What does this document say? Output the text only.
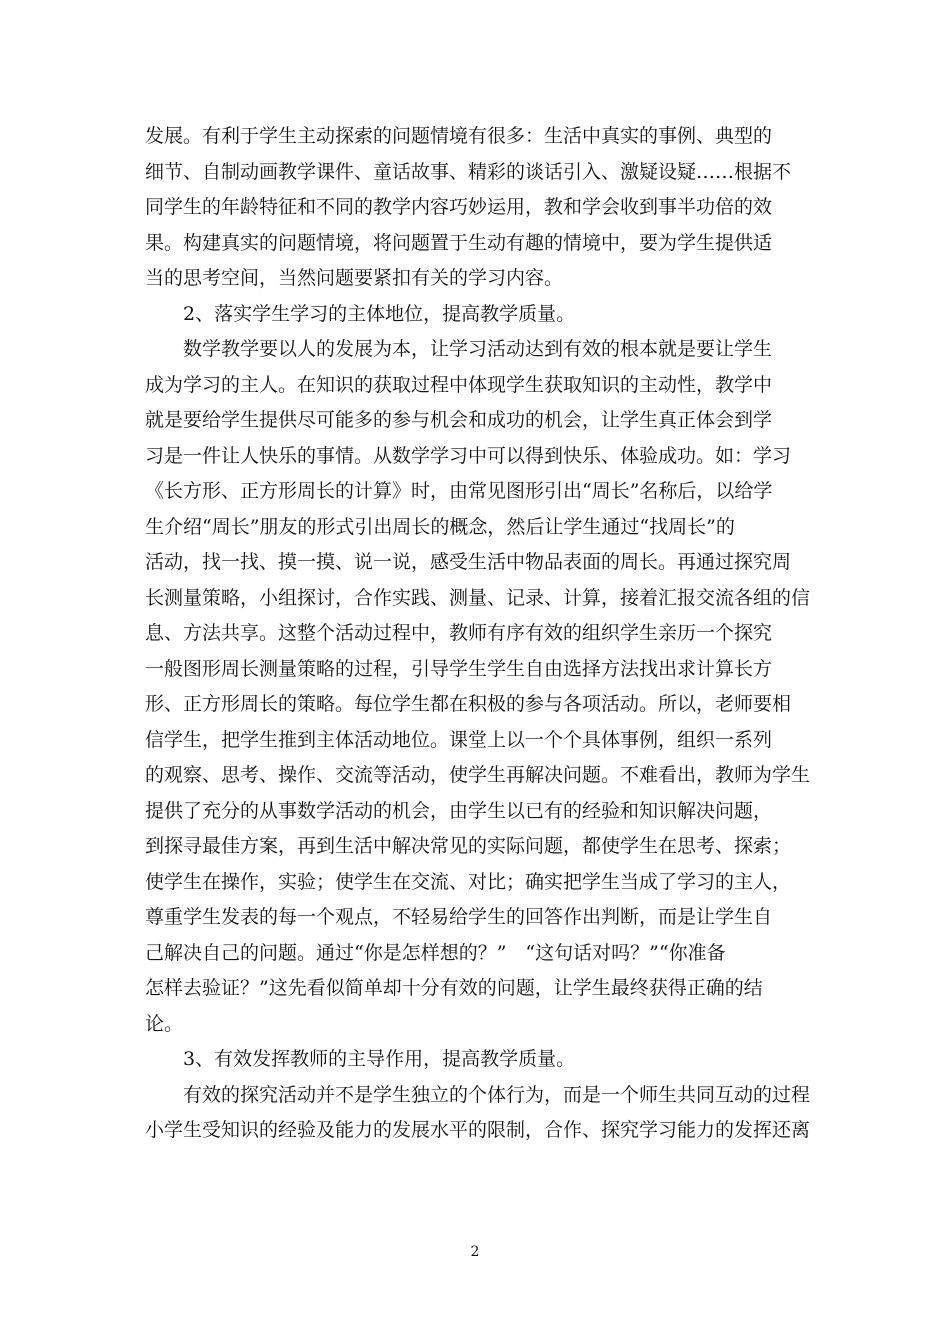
发展。有利于学生主动探索的问题情境有很多：生活中真实的事例、典型的
细节、自制动画教学课件、童话故事、精彩的谈话引入、激疑设疑……根据不
同学生的年龄特征和不同的教学内容巧妙运用，教和学会收到事半功倍的效
果。构建真实的问题情境，将问题置于生动有趣的情境中，要为学生提供适
当的思考空间，当然问题要紧扣有关的学习内容。
　　2、落实学生学习的主体地位，提高教学质量。
　　数学教学要以人的发展为本，让学习活动达到有效的根本就是要让学生
成为学习的主人。在知识的获取过程中体现学生获取知识的主动性，教学中
就是要给学生提供尽可能多的参与机会和成功的机会，让学生真正体会到学
习是一件让人快乐的事情。从数学学习中可以得到快乐、体验成功。如：学习
《长方形、正方形周长的计算》时，由常见图形引出“周长”名称后，以给学
生介绍“周长”朋友的形式引出周长的概念，然后让学生通过“找周长”的
活动，找一找、摸一摸、说一说，感受生活中物品表面的周长。再通过探究周
长测量策略，小组探讨，合作实践、测量、记录、计算，接着汇报交流各组的信
息、方法共享。这整个活动过程中，教师有序有效的组织学生亲历一个探究
一般图形周长测量策略的过程，引导学生学生自由选择方法找出求计算长方
形、正方形周长的策略。每位学生都在积极的参与各项活动。所以，老师要相
信学生，把学生推到主体活动地位。课堂上以一个个具体事例，组织一系列
的观察、思考、操作、交流等活动，使学生再解决问题。不难看出，教师为学生
提供了充分的从事数学活动的机会，由学生以已有的经验和知识解决问题，
到探寻最佳方案，再到生活中解决常见的实际问题，都使学生在思考、探索；
使学生在操作，实验；使学生在交流、对比；确实把学生当成了学习的主人，
尊重学生发表的每一个观点，不轻易给学生的回答作出判断，而是让学生自
己解决自己的问题。通过“你是怎样想的？”　“这句话对吗？”“你准备
怎样去验证？”这先看似简单却十分有效的问题，让学生最终获得正确的结
论。
　　3、有效发挥教师的主导作用，提高教学质量。
　　有效的探究活动并不是学生独立的个体行为，而是一个师生共同互动的过程
小学生受知识的经验及能力的发展水平的限制，合作、探究学习能力的发挥还离
2
